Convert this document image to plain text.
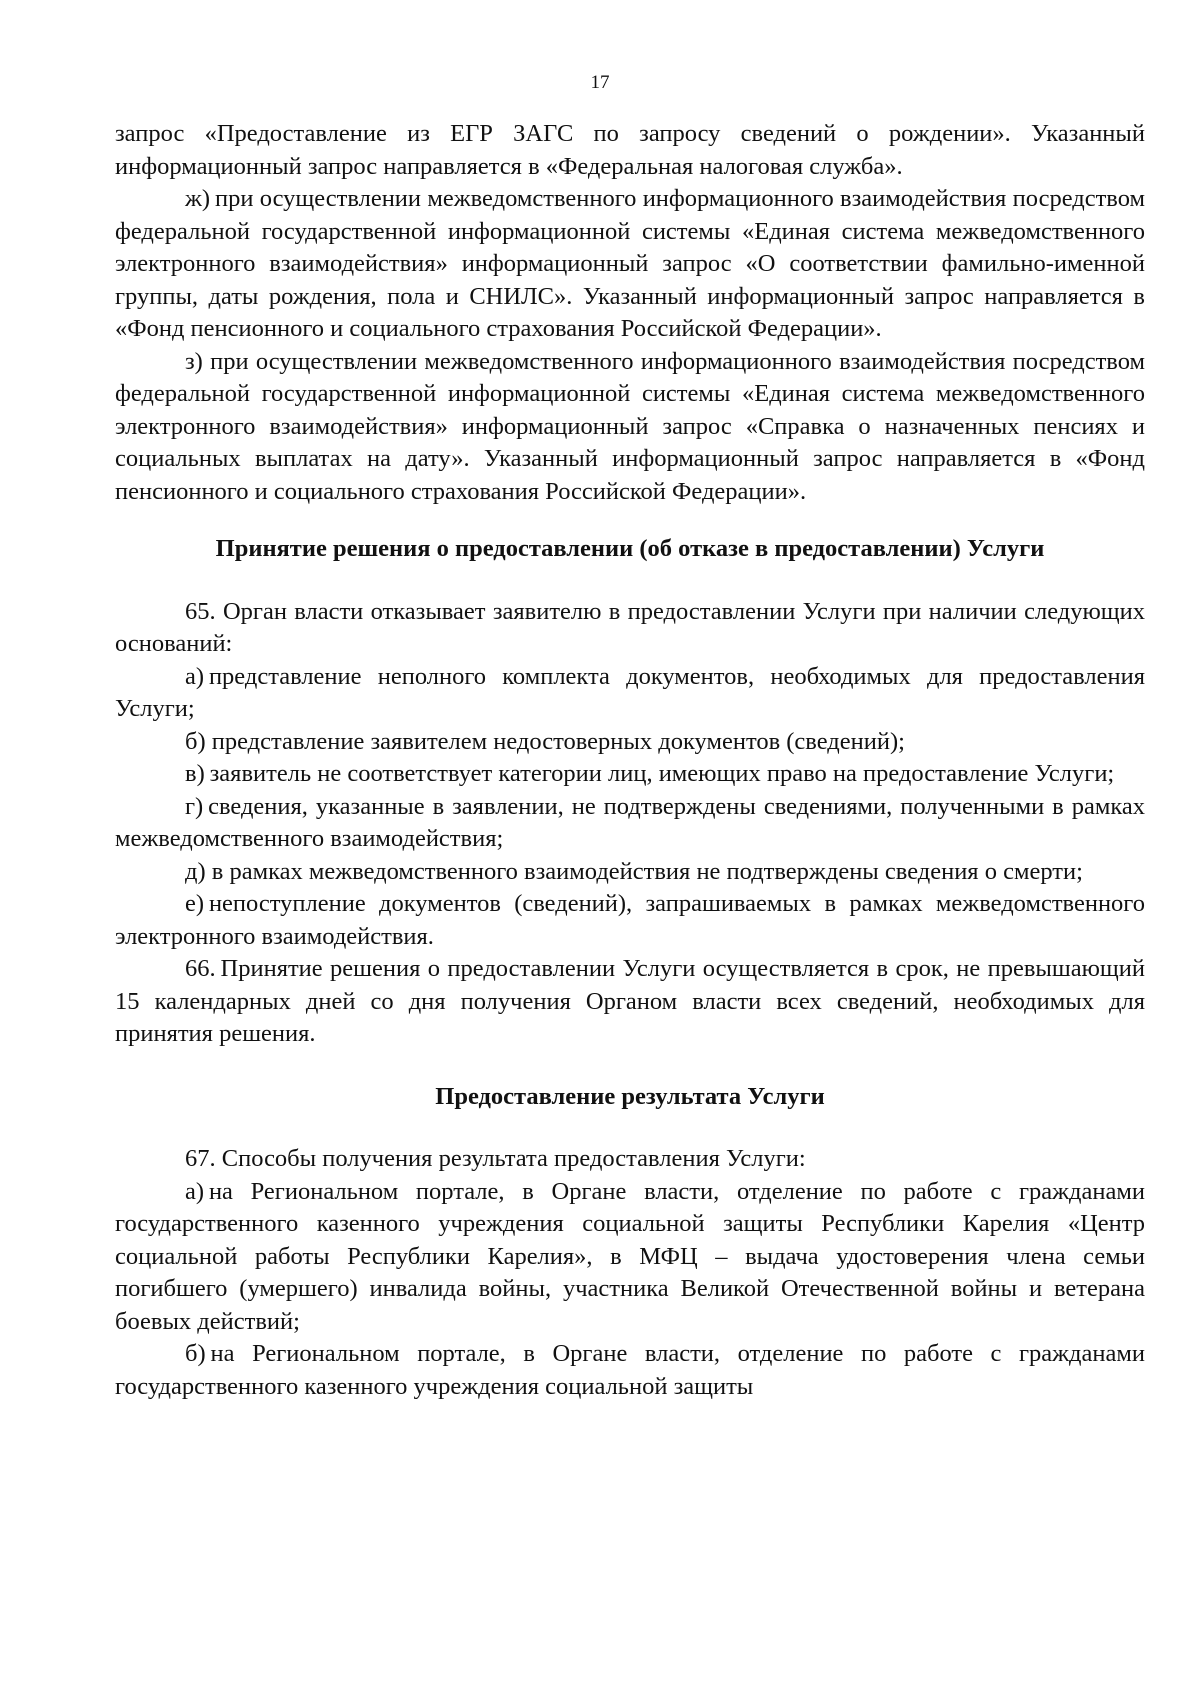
17

запрос «Предоставление из ЕГР ЗАГС по запросу сведений о рождении». Указанный информационный запрос направляется в «Федеральная налоговая служба».

ж) при осуществлении межведомственного информационного взаимодействия посредством федеральной государственной информационной системы «Единая система межведомственного электронного взаимодействия» информационный запрос «О соответствии фамильно-именной группы, даты рождения, пола и СНИЛС». Указанный информационный запрос направляется в «Фонд пенсионного и социального страхования Российской Федерации».

з) при осуществлении межведомственного информационного взаимодействия посредством федеральной государственной информационной системы «Единая система межведомственного электронного взаимодействия» информационный запрос «Справка о назначенных пенсиях и социальных выплатах на дату». Указанный информационный запрос направляется в «Фонд пенсионного и социального страхования Российской Федерации».

Принятие решения о предоставлении (об отказе в предоставлении) Услуги

65. Орган власти отказывает заявителю в предоставлении Услуги при наличии следующих оснований:

а) представление неполного комплекта документов, необходимых для предоставления Услуги;

б) представление заявителем недостоверных документов (сведений);

в) заявитель не соответствует категории лиц, имеющих право на предоставление Услуги;

г) сведения, указанные в заявлении, не подтверждены сведениями, полученными в рамках межведомственного взаимодействия;

д) в рамках межведомственного взаимодействия не подтверждены сведения о смерти;

е) непоступление документов (сведений), запрашиваемых в рамках межведомственного электронного взаимодействия.

66. Принятие решения о предоставлении Услуги осуществляется в срок, не превышающий 15 календарных дней со дня получения Органом власти всех сведений, необходимых для принятия решения.

Предоставление результата Услуги

67. Способы получения результата предоставления Услуги:

а) на Региональном портале, в Органе власти, отделение по работе с гражданами государственного казенного учреждения социальной защиты Республики Карелия «Центр социальной работы Республики Карелия», в МФЦ – выдача удостоверения члена семьи погибшего (умершего) инвалида войны, участника Великой Отечественной войны и ветерана боевых действий;

б) на Региональном портале, в Органе власти, отделение по работе с гражданами государственного казенного учреждения социальной защиты
